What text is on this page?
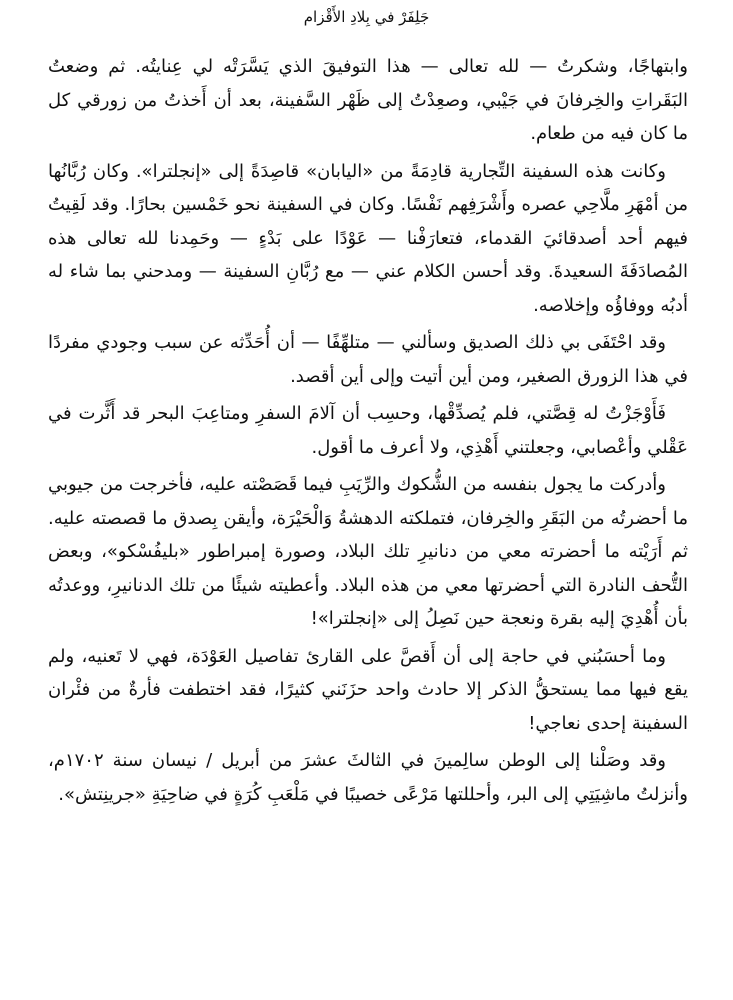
جَلِفَرْ في بِلادِ الأَقْزام

وابتهاجًا، وشكرتُ — لله تعالى — هذا التوفيقَ الذي يَسَّرَتْه لي عِنايتُه. ثم وضعتُ البَقَراتِ والخِرفانَ في جَيْبي، وصعِدْتُ إلى ظَهْر السَّفينة، بعد أن أَخذتُ من زورقي كل ما كان فيه من طعام.

وكانت هذه السفينة التِّجارية قادِمَةً من «اليابان» قاصِدَةً إلى «إنجلترا». وكان رُبَّانُها من أمْهَرِ ملَّاحِي عصره وأَشْرَفِهم نَفْسًا. وكان في السفينة نحو خَمْسين بحارًا. وقد لَقِيتُ فيهم أحد أصدقائيَ القدماء، فتعارَفْنا — عَوْدًا على بَدْءٍ — وحَمِدنا لله تعالى هذه المُصادَفَةَ السعيدةَ. وقد أحسن الكلام عني — مع رُبَّانِ السفينة — ومدحني بما شاء له أدبُه ووفاؤُه وإخلاصه.

وقد احْتَفَى بي ذلك الصديق وسألني — متلهِّفًا — أن أُحَدِّثه عن سبب وجودي مفردًا في هذا الزورق الصغير، ومن أين أتيت وإلى أين أقصد.

فَأَوْجَزْتُ له قِصَّتي، فلم يُصدِّقْها، وحسِب أن آلامَ السفرِ ومتاعِبَ البحر قد أَثَّرت في عَقْلي وأعْصابي، وجعلتني أَهْذِي، ولا أعرف ما أقول.

وأدركت ما يجول بنفسه من الشُّكوك والرِّيَبِ فيما قَصَصْته عليه، فأخرجت من جيوبي ما أحضرتُه من البَقَرِ والخِرفان، فتملكته الدهشةُ وَالْحَيْرَة، وأيقن بِصدق ما قصصته عليه. ثم أَرَيْته ما أحضرته معي من دنانيرِ تلك البلاد، وصورة إمبراطور «بليفُسْكو»، وبعض التُّحف النادرة التي أحضرتها معي من هذه البلاد. وأعطيته شيئًا من تلك الدنانيرِ، ووعدتُه بأن أُهْدِيَ إليه بقرة ونعجة حين نَصِلُ إلى «إنجلترا»!

وما أحسَبُني في حاجة إلى أن أَقصَّ على القارئ تفاصيل العَوْدَة، فهي لا تَعنيه، ولم يقع فيها مما يستحقُّ الذكر إلا حادث واحد حزَنَني كثيرًا، فقد اختطفت فأرةٌ من فئْران السفينة إحدى نعاجي!

وقد وصَلْنا إلى الوطن سالِمينَ في الثالثَ عشرَ من أبريل / نيسان سنة ١٧٠٢م، وأنزلتُ ماشِيَتِي إلى البر، وأحللتها مَرْعًى خصيبًا في مَلْعَبِ كُرَةٍ في ضاحِيَةِ «جرينِتش».
